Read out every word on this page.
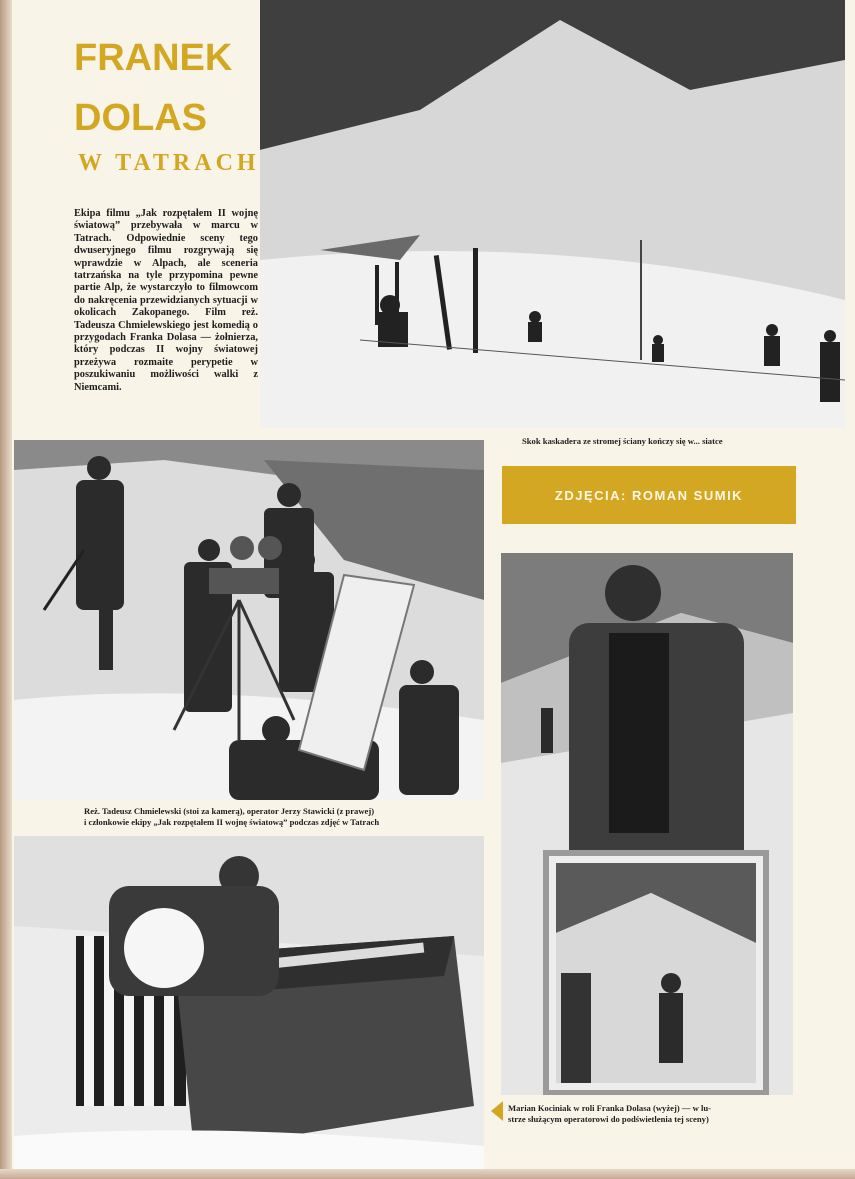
FRANEK
DOLAS
W TATRACH

Ekipa filmu „Jak rozpętałem II wojnę światową” przebywała w marcu w Tatrach. Odpowiednie sceny tego dwuseryjnego filmu rozgrywają się wprawdzie w Alpach, ale sceneria tatrzańska na tyle przypomina pewne partie Alp, że wystarczyło to filmowcom do nakręcenia przewidzianych sytuacji w okolicach Zakopanego. Film reż. Tadeusza Chmielewskiego jest komedią o przygodach Franka Dolasa — żołnierza, który podczas II wojny światowej przeżywa rozmaite perypetie w poszukiwaniu możliwości walki z Niemcami.

Skok kaskadera ze stromej ściany kończy się w... siatce

ZDJĘCIA: ROMAN SUMIK

Reż. Tadeusz Chmielewski (stoi za kamerą), operator Jerzy Stawicki (z prawej)
i członkowie ekipy „Jak rozpętałem II wojnę światową” podczas zdjęć w Tatrach

Marian Kociniak w roli Franka Dolasa (wyżej) — w lu-
strze służącym operatorowi do podświetlenia tej sceny)
